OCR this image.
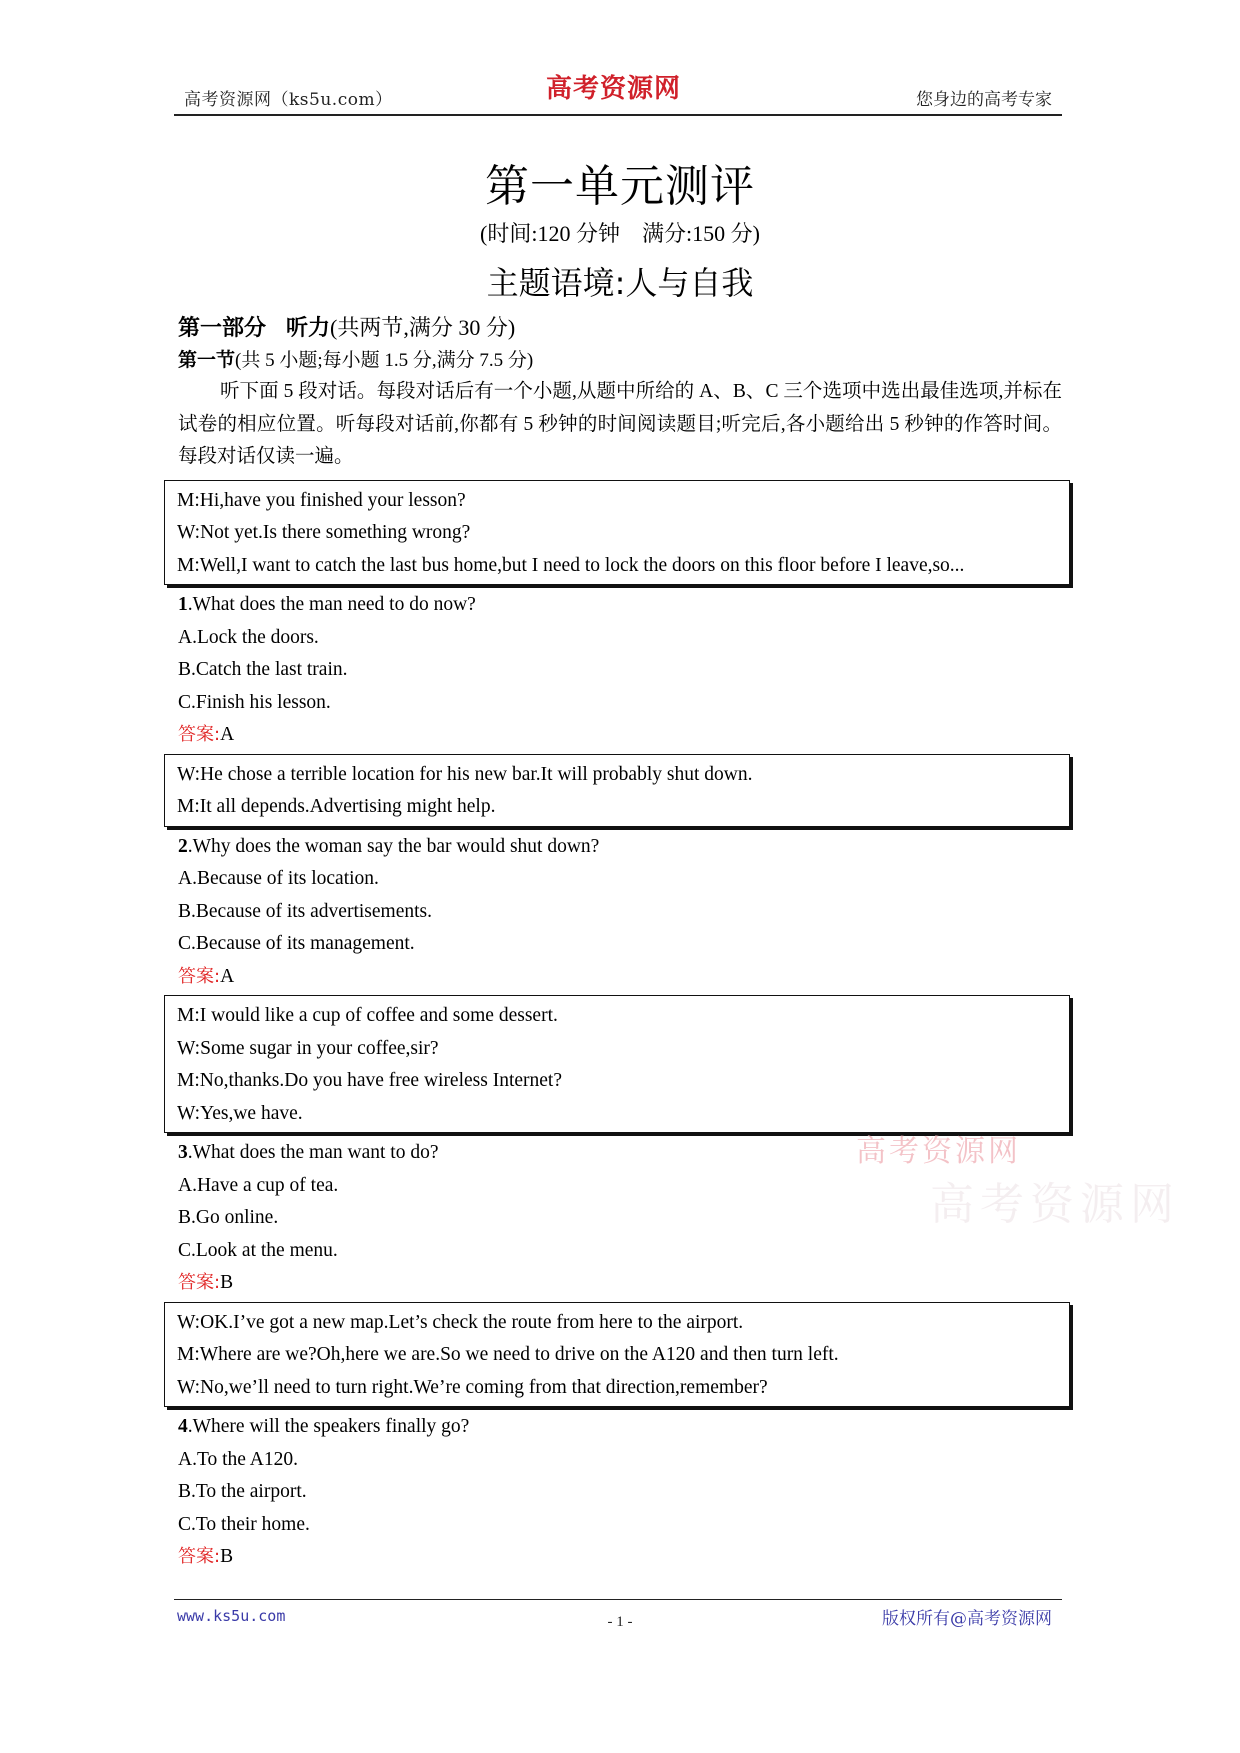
高考资源网（ks5u.com）	高考资源网	您身边的高考专家
第一单元测评
(时间:120 分钟 满分:150 分)
主题语境:人与自我

第一部分 听力(共两节,满分 30 分)

第一节(共 5 小题;每小题 1.5 分,满分 7.5 分)

听下面 5 段对话。每段对话后有一个小题,从题中所给的 A、B、C 三个选项中选出最佳选项,并标在试卷的相应位置。听每段对话前,你都有 5 秒钟的时间阅读题目;听完后,各小题给出 5 秒钟的作答时间。每段对话仅读一遍。

M:Hi,have you finished your lesson?
W:Not yet.Is there something wrong?
M:Well,I want to catch the last bus home,but I need to lock the doors on this floor before I leave,so...
1.What does the man need to do now?
A.Lock the doors.
B.Catch the last train.
C.Finish his lesson.
答案:A
W:He chose a terrible location for his new bar.It will probably shut down.
M:It all depends.Advertising might help.
2.Why does the woman say the bar would shut down?
A.Because of its location.
B.Because of its advertisements.
C.Because of its management.
答案:A
M:I would like a cup of coffee and some dessert.
W:Some sugar in your coffee,sir?
M:No,thanks.Do you have free wireless Internet?
W:Yes,we have.
3.What does the man want to do?
A.Have a cup of tea.
B.Go online.
C.Look at the menu.
答案:B
W:OK.I’ve got a new map.Let’s check the route from here to the airport.
M:Where are we?Oh,here we are.So we need to drive on the A120 and then turn left.
W:No,we’ll need to turn right.We’re coming from that direction,remember?
4.Where will the speakers finally go?
A.To the A120.
B.To the airport.
C.To their home.
答案:B
高考资源网
高考资源网
www.ks5u.com	- 1 -	版权所有@高考资源网
